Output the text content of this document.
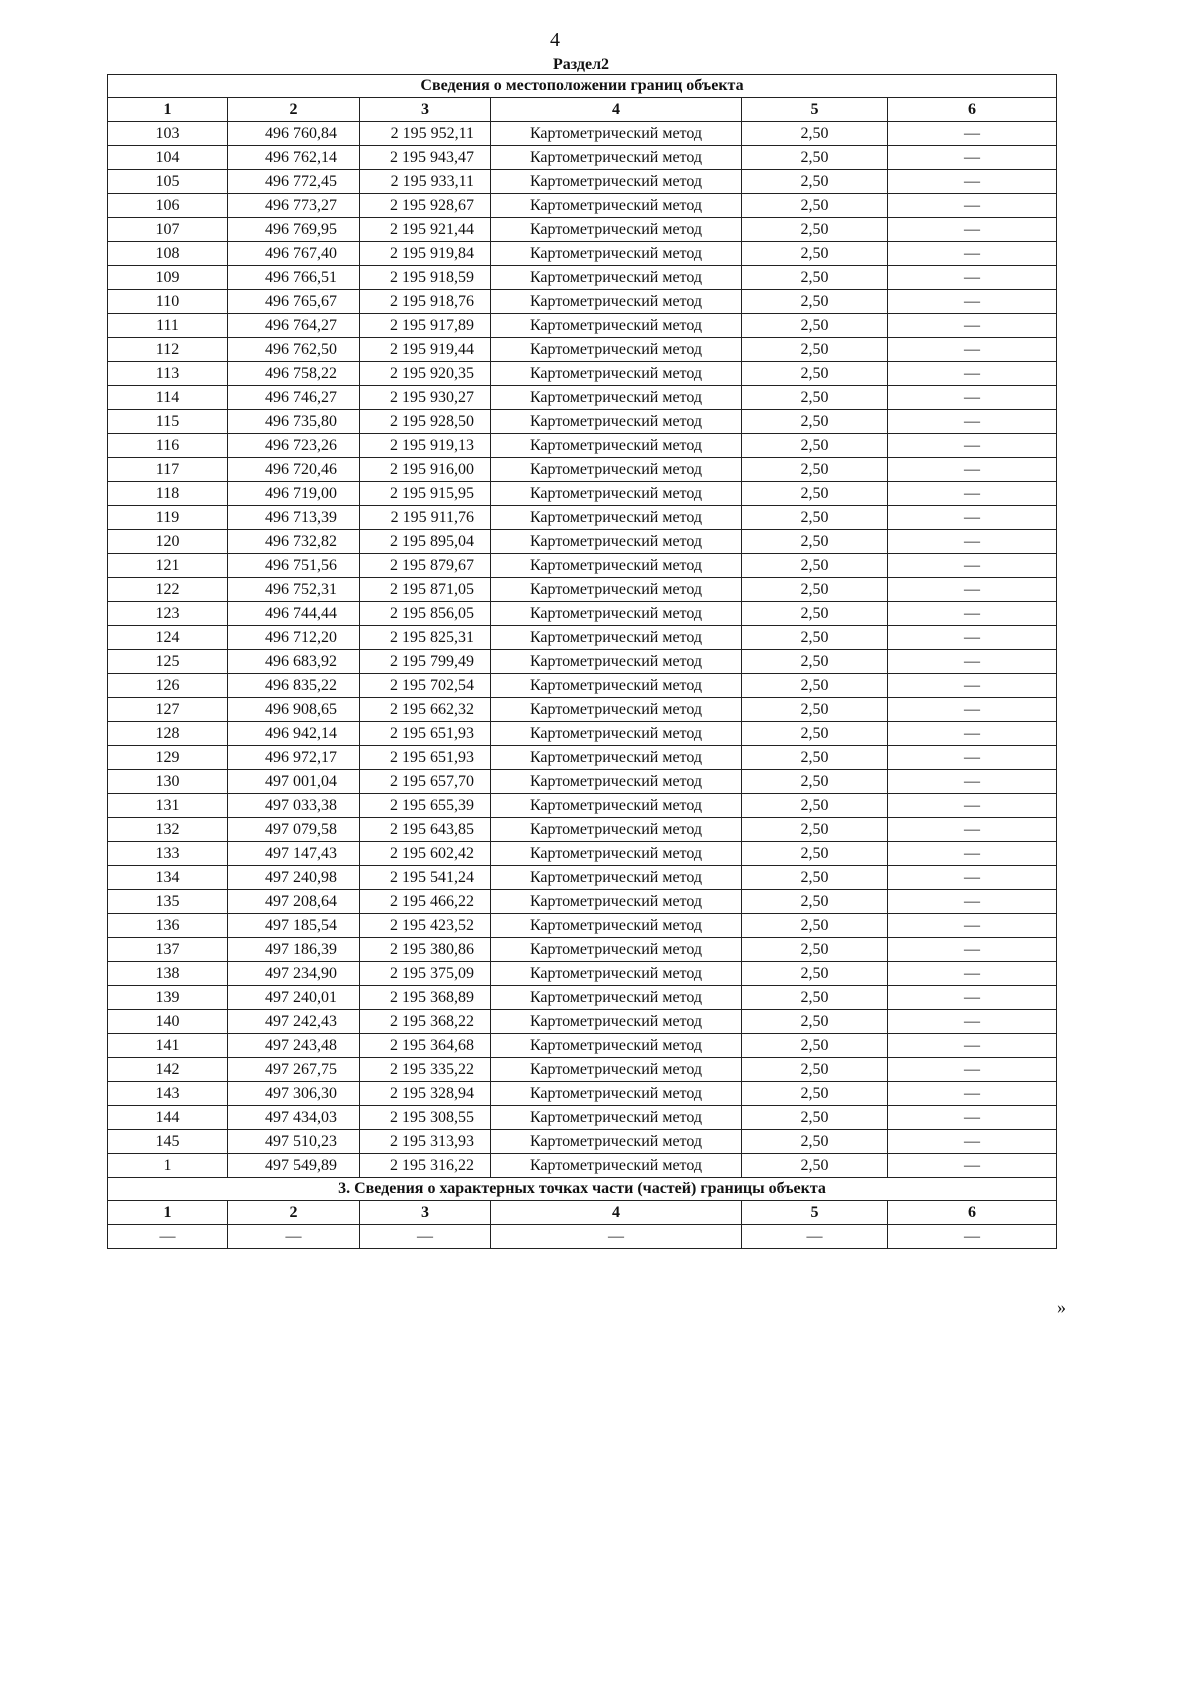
4
Раздел2
Сведения о местоположении границ объекта					
1	2	3	4	5	6
103	496 760,84	2 195 952,11	Картометрический метод	2,50	—
104	496 762,14	2 195 943,47	Картометрический метод	2,50	—
105	496 772,45	2 195 933,11	Картометрический метод	2,50	—
106	496 773,27	2 195 928,67	Картометрический метод	2,50	—
107	496 769,95	2 195 921,44	Картометрический метод	2,50	—
108	496 767,40	2 195 919,84	Картометрический метод	2,50	—
109	496 766,51	2 195 918,59	Картометрический метод	2,50	—
110	496 765,67	2 195 918,76	Картометрический метод	2,50	—
111	496 764,27	2 195 917,89	Картометрический метод	2,50	—
112	496 762,50	2 195 919,44	Картометрический метод	2,50	—
113	496 758,22	2 195 920,35	Картометрический метод	2,50	—
114	496 746,27	2 195 930,27	Картометрический метод	2,50	—
115	496 735,80	2 195 928,50	Картометрический метод	2,50	—
116	496 723,26	2 195 919,13	Картометрический метод	2,50	—
117	496 720,46	2 195 916,00	Картометрический метод	2,50	—
118	496 719,00	2 195 915,95	Картометрический метод	2,50	—
119	496 713,39	2 195 911,76	Картометрический метод	2,50	—
120	496 732,82	2 195 895,04	Картометрический метод	2,50	—
121	496 751,56	2 195 879,67	Картометрический метод	2,50	—
122	496 752,31	2 195 871,05	Картометрический метод	2,50	—
123	496 744,44	2 195 856,05	Картометрический метод	2,50	—
124	496 712,20	2 195 825,31	Картометрический метод	2,50	—
125	496 683,92	2 195 799,49	Картометрический метод	2,50	—
126	496 835,22	2 195 702,54	Картометрический метод	2,50	—
127	496 908,65	2 195 662,32	Картометрический метод	2,50	—
128	496 942,14	2 195 651,93	Картометрический метод	2,50	—
129	496 972,17	2 195 651,93	Картометрический метод	2,50	—
130	497 001,04	2 195 657,70	Картометрический метод	2,50	—
131	497 033,38	2 195 655,39	Картометрический метод	2,50	—
132	497 079,58	2 195 643,85	Картометрический метод	2,50	—
133	497 147,43	2 195 602,42	Картометрический метод	2,50	—
134	497 240,98	2 195 541,24	Картометрический метод	2,50	—
135	497 208,64	2 195 466,22	Картометрический метод	2,50	—
136	497 185,54	2 195 423,52	Картометрический метод	2,50	—
137	497 186,39	2 195 380,86	Картометрический метод	2,50	—
138	497 234,90	2 195 375,09	Картометрический метод	2,50	—
139	497 240,01	2 195 368,89	Картометрический метод	2,50	—
140	497 242,43	2 195 368,22	Картометрический метод	2,50	—
141	497 243,48	2 195 364,68	Картометрический метод	2,50	—
142	497 267,75	2 195 335,22	Картометрический метод	2,50	—
143	497 306,30	2 195 328,94	Картометрический метод	2,50	—
144	497 434,03	2 195 308,55	Картометрический метод	2,50	—
145	497 510,23	2 195 313,93	Картометрический метод	2,50	—
1	497 549,89	2 195 316,22	Картометрический метод	2,50	—
3. Сведения о характерных точках части (частей) границы объекта					
1	2	3	4	5	6
—	—	—	—	—	—
»
